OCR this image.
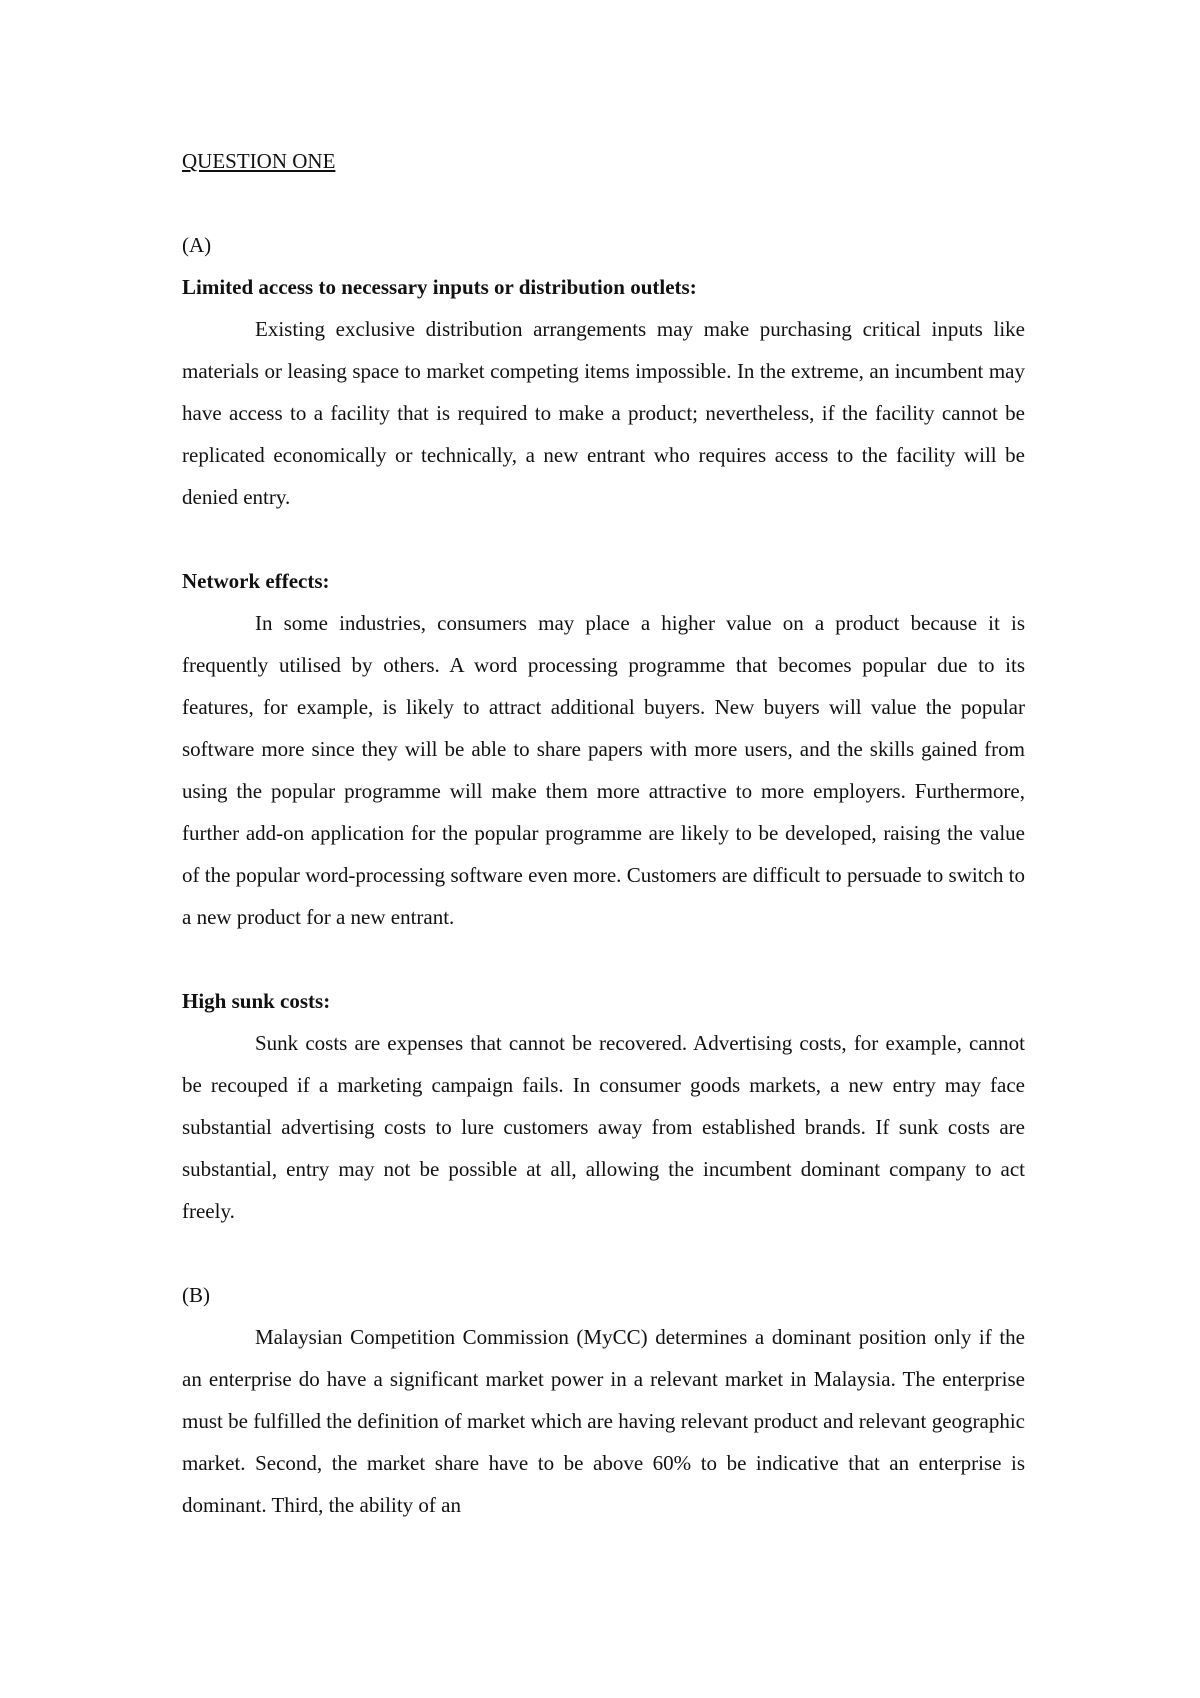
QUESTION ONE

(A)

Limited access to necessary inputs or distribution outlets:

Existing exclusive distribution arrangements may make purchasing critical inputs like materials or leasing space to market competing items impossible. In the extreme, an incumbent may have access to a facility that is required to make a product; nevertheless, if the facility cannot be replicated economically or technically, a new entrant who requires access to the facility will be denied entry.

Network effects:

In some industries, consumers may place a higher value on a product because it is frequently utilised by others. A word processing programme that becomes popular due to its features, for example, is likely to attract additional buyers. New buyers will value the popular software more since they will be able to share papers with more users, and the skills gained from using the popular programme will make them more attractive to more employers. Furthermore, further add-on application for the popular programme are likely to be developed, raising the value of the popular word-processing software even more. Customers are difficult to persuade to switch to a new product for a new entrant.

High sunk costs:

Sunk costs are expenses that cannot be recovered. Advertising costs, for example, cannot be recouped if a marketing campaign fails. In consumer goods markets, a new entry may face substantial advertising costs to lure customers away from established brands. If sunk costs are substantial, entry may not be possible at all, allowing the incumbent dominant company to act freely.

(B)

Malaysian Competition Commission (MyCC) determines a dominant position only if the an enterprise do have a significant market power in a relevant market in Malaysia. The enterprise must be fulfilled the definition of market which are having relevant product and relevant geographic market. Second, the market share have to be above 60% to be indicative that an enterprise is dominant. Third, the ability of an
